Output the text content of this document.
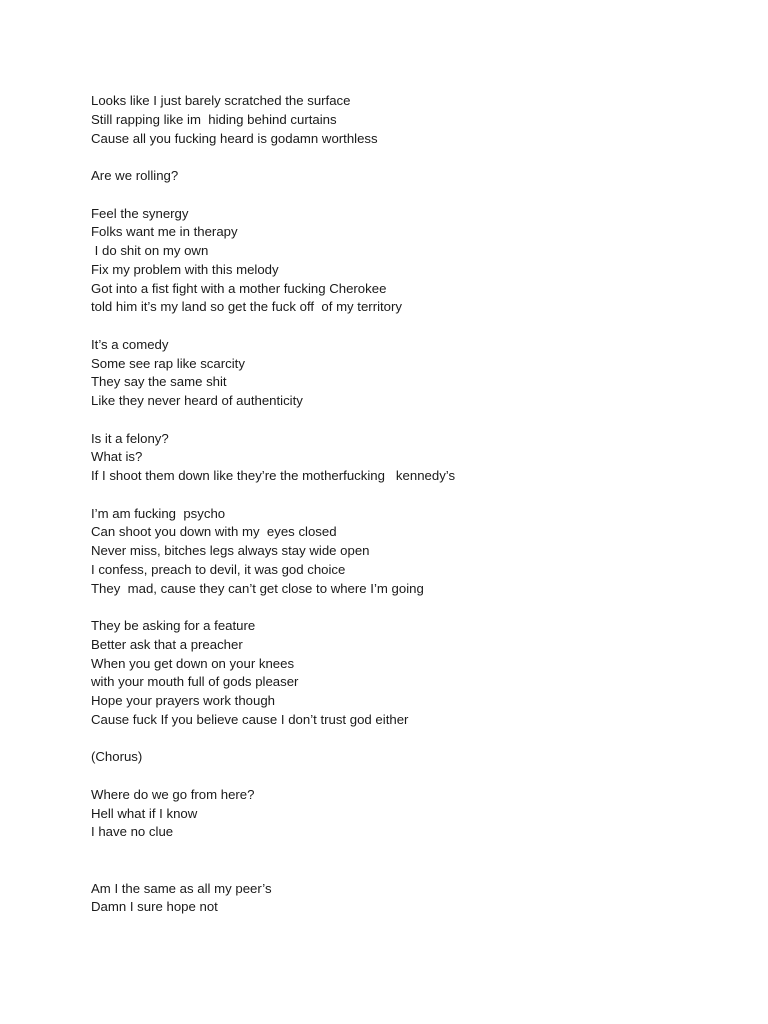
Looks like I just barely scratched the surface
Still rapping like im  hiding behind curtains
Cause all you fucking heard is godamn worthless
Are we rolling?
Feel the synergy
Folks want me in therapy
I do shit on my own
Fix my problem with this melody
Got into a fist fight with a mother fucking Cherokee
told him it’s my land so get the fuck off  of my territory
It’s a comedy
Some see rap like scarcity
They say the same shit
Like they never heard of authenticity
Is it a felony?
What is?
If I shoot them down like they’re the motherfucking   kennedy’s
I’m am fucking  psycho
Can shoot you down with my  eyes closed
Never miss, bitches legs always stay wide open
I confess, preach to devil, it was god choice
They  mad, cause they can’t get close to where I’m going
They be asking for a feature
Better ask that a preacher
When you get down on your knees
with your mouth full of gods pleaser
Hope your prayers work though
Cause fuck If you believe cause I don’t trust god either
(Chorus)
Where do we go from here?
Hell what if I know
I have no clue
Am I the same as all my peer’s
Damn I sure hope not
